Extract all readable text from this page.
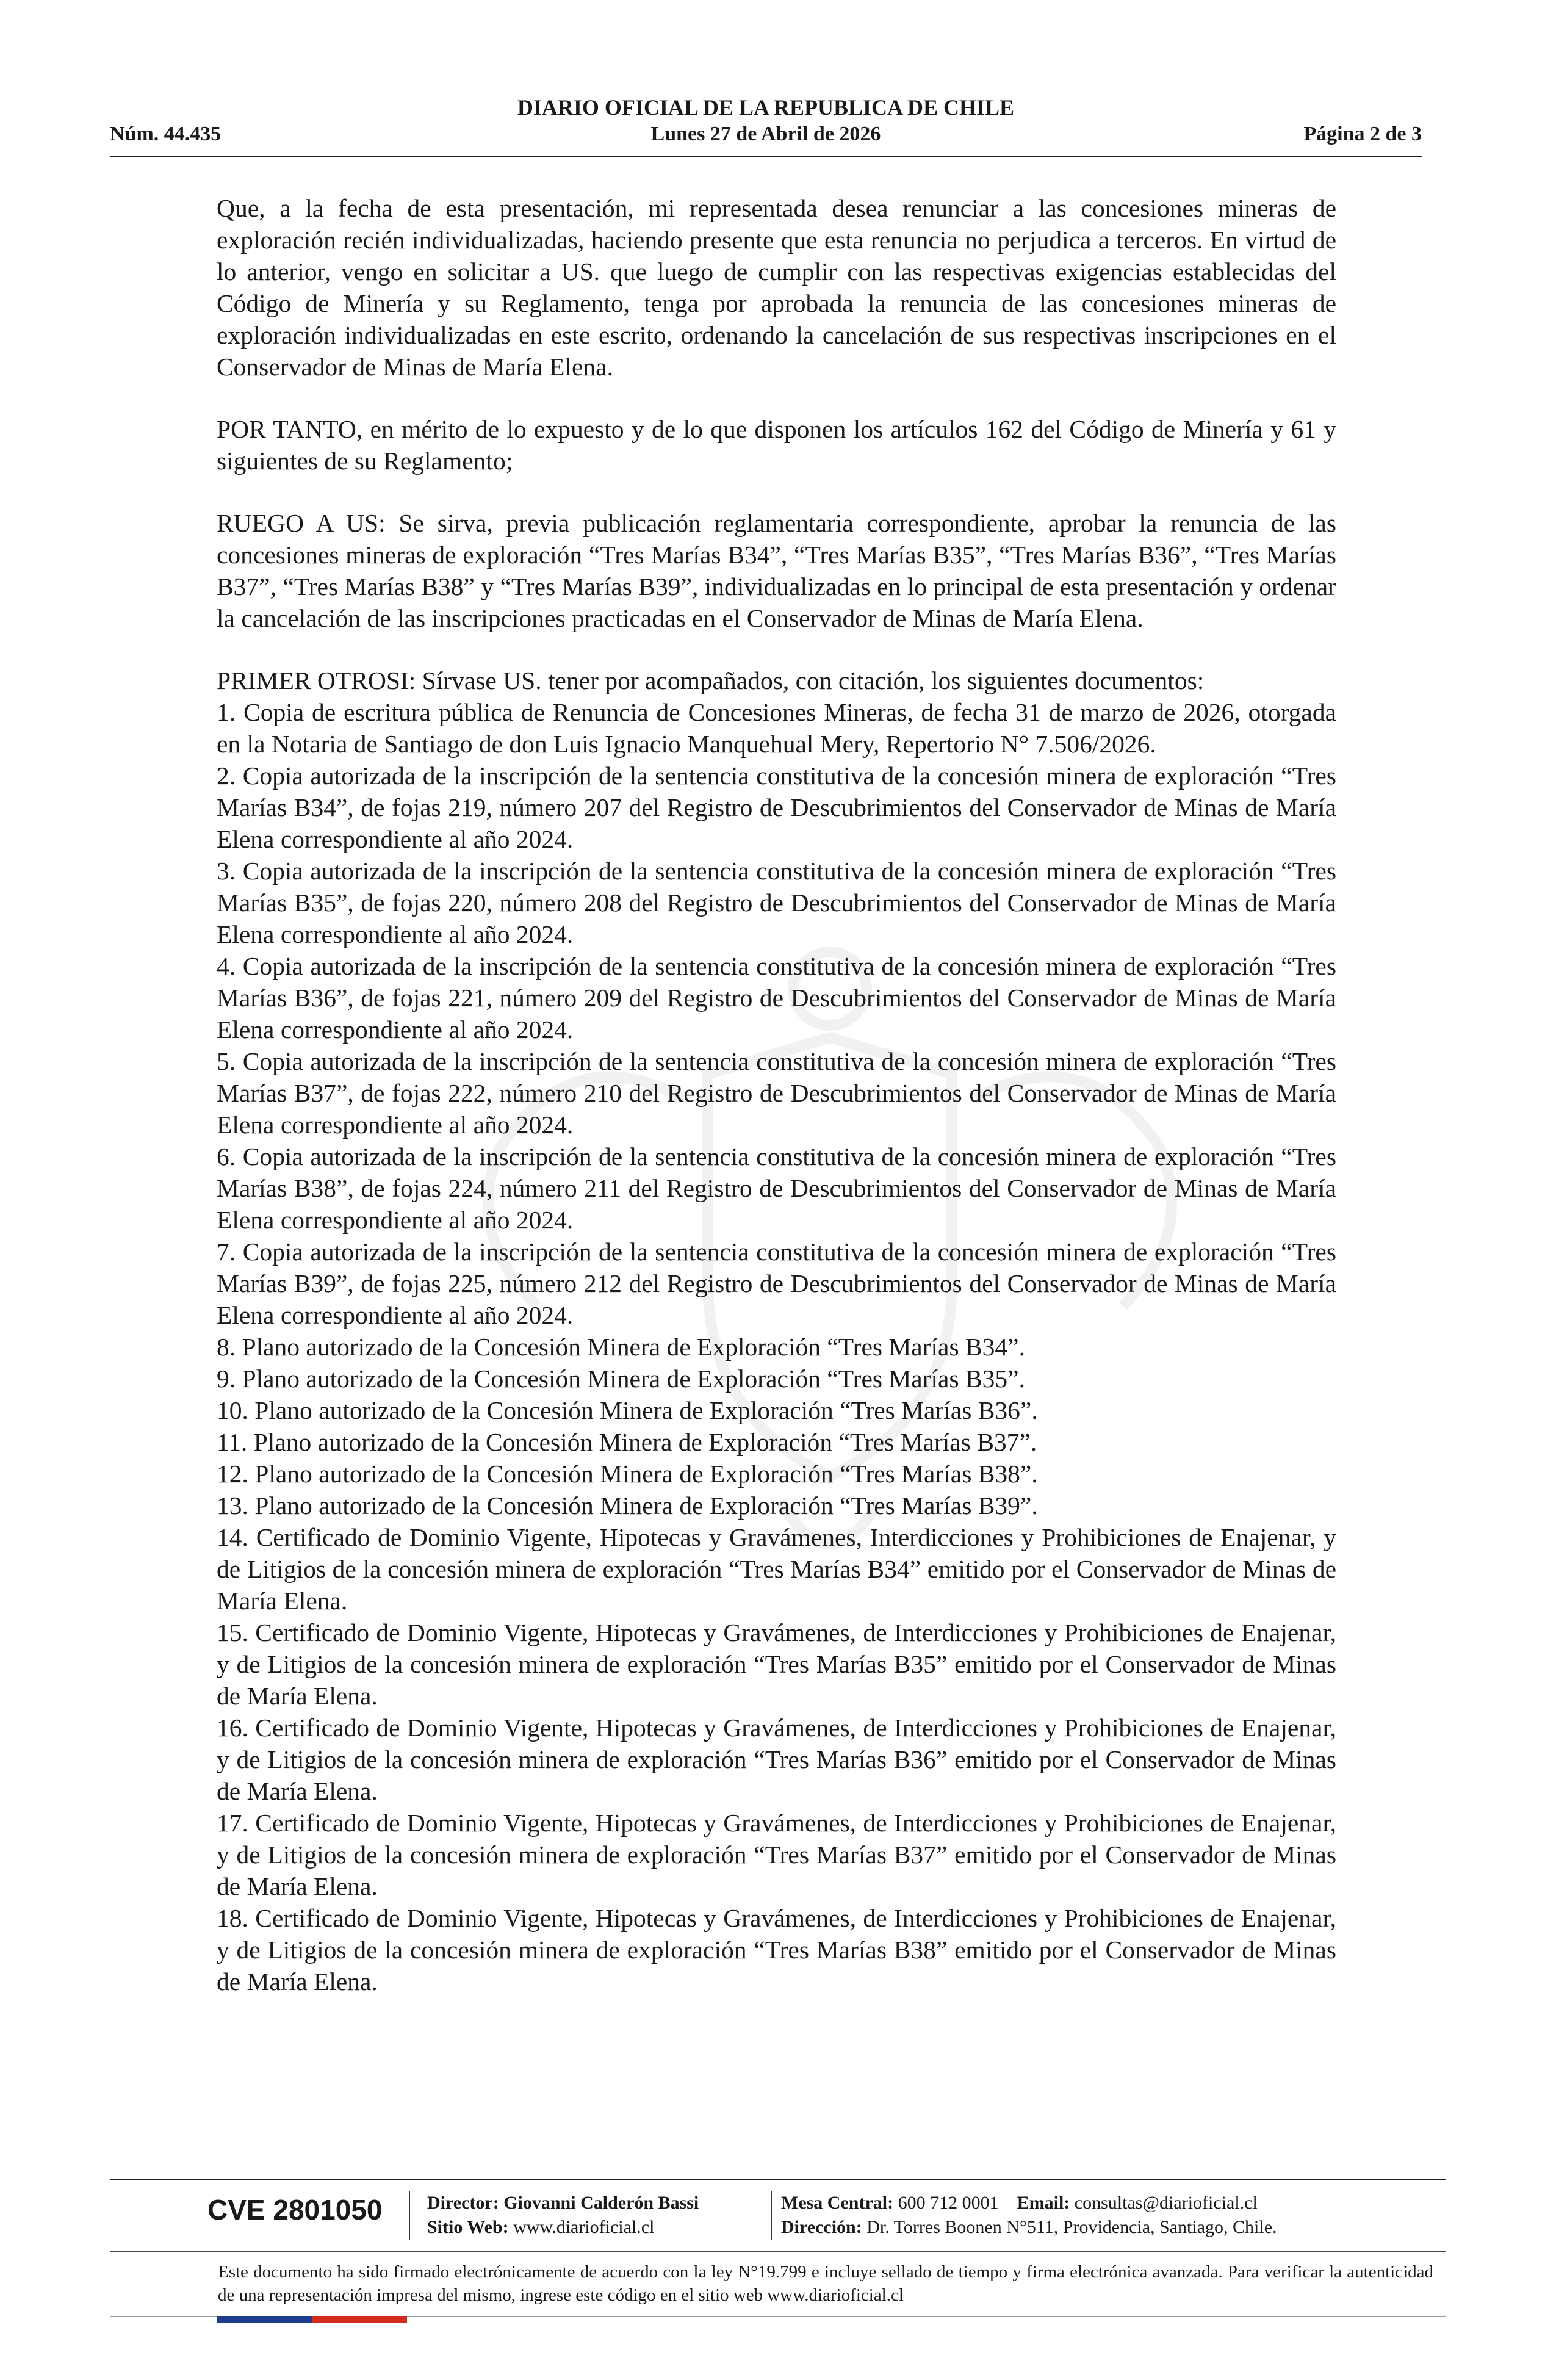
DIARIO OFICIAL DE LA REPUBLICA DE CHILE
Núm. 44.435	Lunes 27 de Abril de 2026	Página 2 de 3

Que, a la fecha de esta presentación, mi representada desea renunciar a las concesiones mineras de exploración recién individualizadas, haciendo presente que esta renuncia no perjudica a terceros. En virtud de lo anterior, vengo en solicitar a US. que luego de cumplir con las respectivas exigencias establecidas del Código de Minería y su Reglamento, tenga por aprobada la renuncia de las concesiones mineras de exploración individualizadas en este escrito, ordenando la cancelación de sus respectivas inscripciones en el Conservador de Minas de María Elena.

POR TANTO, en mérito de lo expuesto y de lo que disponen los artículos 162 del Código de Minería y 61 y siguientes de su Reglamento;

RUEGO A US: Se sirva, previa publicación reglamentaria correspondiente, aprobar la renuncia de las concesiones mineras de exploración “Tres Marías B34”, “Tres Marías B35”, “Tres Marías B36”, “Tres Marías B37”, “Tres Marías B38” y “Tres Marías B39”, individualizadas en lo principal de esta presentación y ordenar la cancelación de las inscripciones practicadas en el Conservador de Minas de María Elena.

PRIMER OTROSI: Sírvase US. tener por acompañados, con citación, los siguientes documentos:
1. Copia de escritura pública de Renuncia de Concesiones Mineras, de fecha 31 de marzo de 2026, otorgada en la Notaria de Santiago de don Luis Ignacio Manquehual Mery, Repertorio N° 7.506/2026.
2. Copia autorizada de la inscripción de la sentencia constitutiva de la concesión minera de exploración “Tres Marías B34”, de fojas 219, número 207 del Registro de Descubrimientos del Conservador de Minas de María Elena correspondiente al año 2024.
3. Copia autorizada de la inscripción de la sentencia constitutiva de la concesión minera de exploración “Tres Marías B35”, de fojas 220, número 208 del Registro de Descubrimientos del Conservador de Minas de María Elena correspondiente al año 2024.
4. Copia autorizada de la inscripción de la sentencia constitutiva de la concesión minera de exploración “Tres Marías B36”, de fojas 221, número 209 del Registro de Descubrimientos del Conservador de Minas de María Elena correspondiente al año 2024.
5. Copia autorizada de la inscripción de la sentencia constitutiva de la concesión minera de exploración “Tres Marías B37”, de fojas 222, número 210 del Registro de Descubrimientos del Conservador de Minas de María Elena correspondiente al año 2024.
6. Copia autorizada de la inscripción de la sentencia constitutiva de la concesión minera de exploración “Tres Marías B38”, de fojas 224, número 211 del Registro de Descubrimientos del Conservador de Minas de María Elena correspondiente al año 2024.
7. Copia autorizada de la inscripción de la sentencia constitutiva de la concesión minera de exploración “Tres Marías B39”, de fojas 225, número 212 del Registro de Descubrimientos del Conservador de Minas de María Elena correspondiente al año 2024.
8. Plano autorizado de la Concesión Minera de Exploración “Tres Marías B34”.
9. Plano autorizado de la Concesión Minera de Exploración “Tres Marías B35”.
10. Plano autorizado de la Concesión Minera de Exploración “Tres Marías B36”.
11. Plano autorizado de la Concesión Minera de Exploración “Tres Marías B37”.
12. Plano autorizado de la Concesión Minera de Exploración “Tres Marías B38”.
13. Plano autorizado de la Concesión Minera de Exploración “Tres Marías B39”.
14. Certificado de Dominio Vigente, Hipotecas y Gravámenes, Interdicciones y Prohibiciones de Enajenar, y de Litigios de la concesión minera de exploración “Tres Marías B34” emitido por el Conservador de Minas de María Elena.
15. Certificado de Dominio Vigente, Hipotecas y Gravámenes, de Interdicciones y Prohibiciones de Enajenar, y de Litigios de la concesión minera de exploración “Tres Marías B35” emitido por el Conservador de Minas de María Elena.
16. Certificado de Dominio Vigente, Hipotecas y Gravámenes, de Interdicciones y Prohibiciones de Enajenar, y de Litigios de la concesión minera de exploración “Tres Marías B36” emitido por el Conservador de Minas de María Elena.
17. Certificado de Dominio Vigente, Hipotecas y Gravámenes, de Interdicciones y Prohibiciones de Enajenar, y de Litigios de la concesión minera de exploración “Tres Marías B37” emitido por el Conservador de Minas de María Elena.
18. Certificado de Dominio Vigente, Hipotecas y Gravámenes, de Interdicciones y Prohibiciones de Enajenar, y de Litigios de la concesión minera de exploración “Tres Marías B38” emitido por el Conservador de Minas de María Elena.
CVE 2801050 Director: Giovanni Calderón Bassi
Sitio Web: www.diarioficial.cl
Mesa Central: 600 712 0001 Email: consultas@diarioficial.cl
Dirección: Dr. Torres Boonen N°511, Providencia, Santiago, Chile.
Este documento ha sido firmado electrónicamente de acuerdo con la ley N°19.799 e incluye sellado de tiempo y firma electrónica avanzada. Para verificar la autenticidad de una representación impresa del mismo, ingrese este código en el sitio web www.diarioficial.cl
